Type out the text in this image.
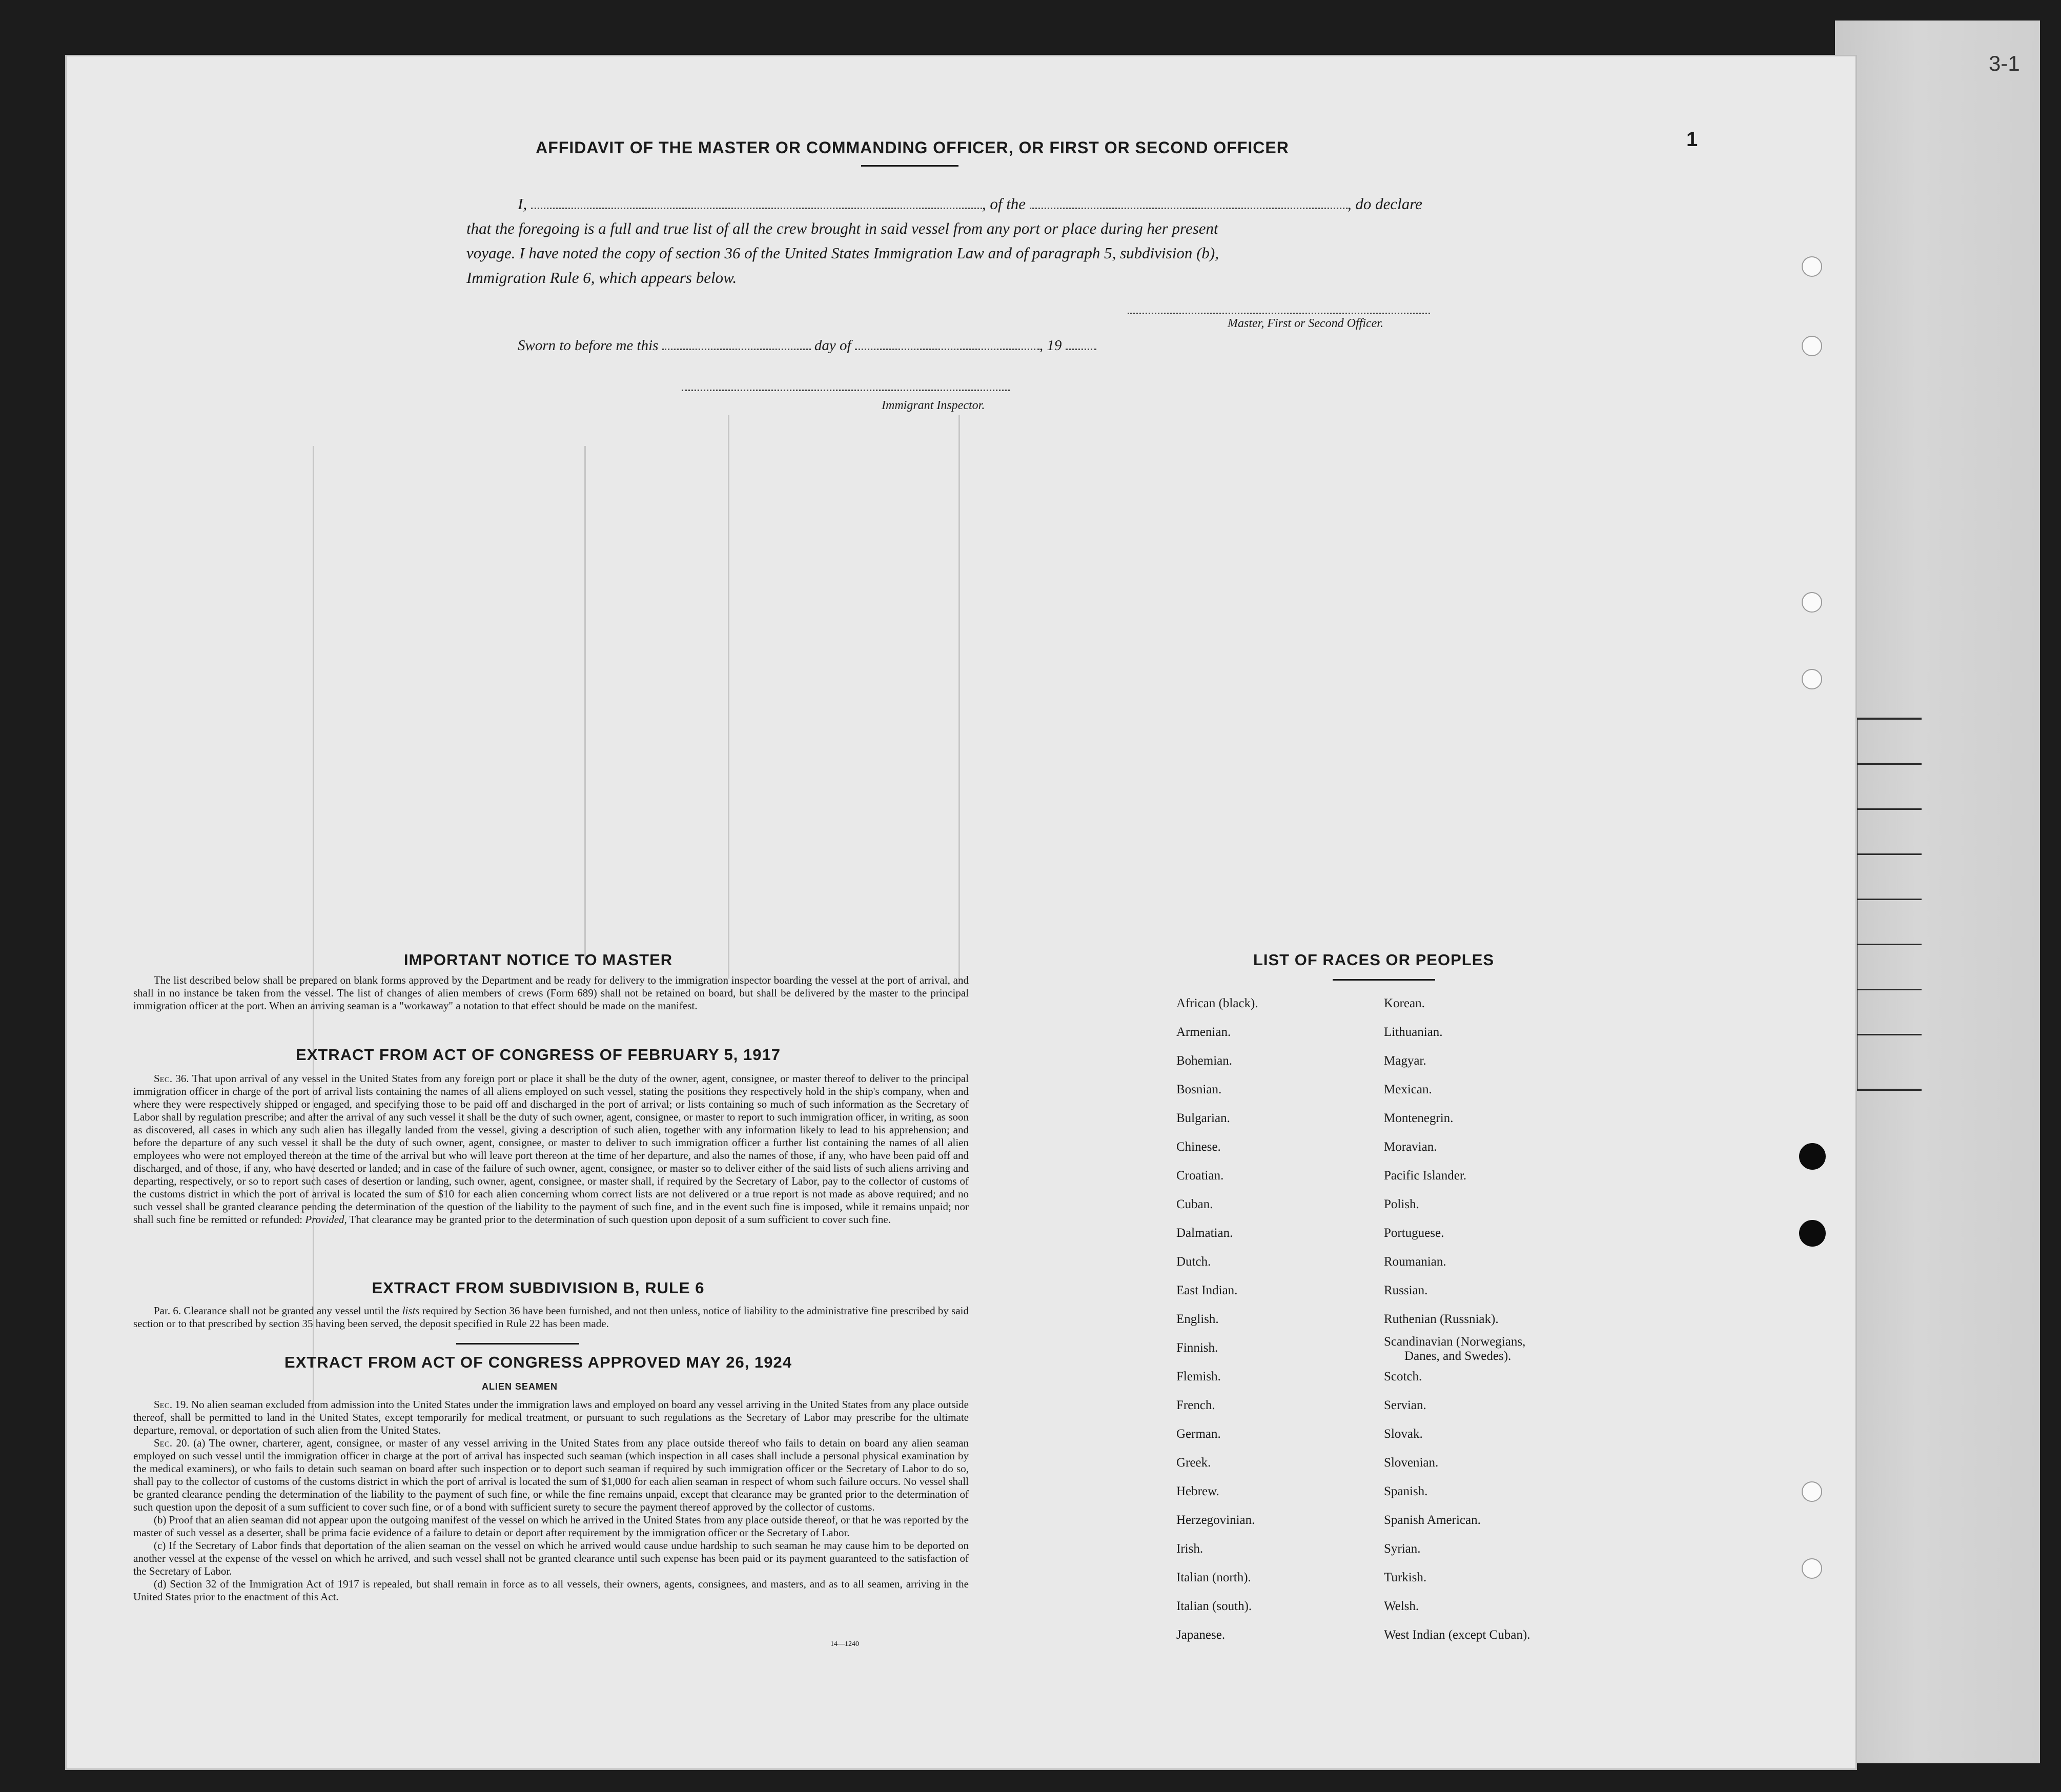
3-1
1
AFFIDAVIT OF THE MASTER OR COMMANDING OFFICER, OR FIRST OR SECOND OFFICER
I,	, of the	, do declare
that the foregoing is a full and true list of all the crew brought in said vessel from any port or place during her present
voyage. I have noted the copy of section 36 of the United States Immigration Law and of paragraph 5, subdivision (b),
Immigration Rule 6, which appears below.
Master, First or Second Officer.
Sworn to before me this	day of	, 19
Immigrant Inspector.
IMPORTANT NOTICE TO MASTER

The list described below shall be prepared on blank forms approved by the Department and be ready for delivery to the immigration inspector boarding the vessel at the port of arrival, and shall in no instance be taken from the vessel. The list of changes of alien members of crews (Form 689) shall not be retained on board, but shall be delivered by the master to the principal immigration officer at the port. When an arriving seaman is a "workaway" a notation to that effect should be made on the manifest.

EXTRACT FROM ACT OF CONGRESS OF FEBRUARY 5, 1917

Sec. 36. That upon arrival of any vessel in the United States from any foreign port or place it shall be the duty of the owner, agent, consignee, or master thereof to deliver to the principal immigration officer in charge of the port of arrival lists containing the names of all aliens employed on such vessel, stating the positions they respectively hold in the ship's company, when and where they were respectively shipped or engaged, and specifying those to be paid off and discharged in the port of arrival; or lists containing so much of such information as the Secretary of Labor shall by regulation prescribe; and after the arrival of any such vessel it shall be the duty of such owner, agent, consignee, or master to report to such immigration officer, in writing, as soon as discovered, all cases in which any such alien has illegally landed from the vessel, giving a description of such alien, together with any information likely to lead to his apprehension; and before the departure of any such vessel it shall be the duty of such owner, agent, consignee, or master to deliver to such immigration officer a further list containing the names of all alien employees who were not employed thereon at the time of the arrival but who will leave port thereon at the time of her departure, and also the names of those, if any, who have been paid off and discharged, and of those, if any, who have deserted or landed; and in case of the failure of such owner, agent, consignee, or master so to deliver either of the said lists of such aliens arriving and departing, respectively, or so to report such cases of desertion or landing, such owner, agent, consignee, or master shall, if required by the Secretary of Labor, pay to the collector of customs of the customs district in which the port of arrival is located the sum of $10 for each alien concerning whom correct lists are not delivered or a true report is not made as above required; and no such vessel shall be granted clearance pending the determination of the question of the liability to the payment of such fine, and in the event such fine is imposed, while it remains unpaid; nor shall such fine be remitted or refunded: Provided, That clearance may be granted prior to the determination of such question upon deposit of a sum sufficient to cover such fine.

EXTRACT FROM SUBDIVISION B, RULE 6

Par. 6. Clearance shall not be granted any vessel until the lists required by Section 36 have been furnished, and not then unless, notice of liability to the administrative fine prescribed by said section or to that prescribed by section 35 having been served, the deposit specified in Rule 22 has been made.

EXTRACT FROM ACT OF CONGRESS APPROVED MAY 26, 1924
ALIEN SEAMEN

Sec. 19. No alien seaman excluded from admission into the United States under the immigration laws and employed on board any vessel arriving in the United States from any place outside thereof, shall be permitted to land in the United States, except temporarily for medical treatment, or pursuant to such regulations as the Secretary of Labor may prescribe for the ultimate departure, removal, or deportation of such alien from the United States.

Sec. 20. (a) The owner, charterer, agent, consignee, or master of any vessel arriving in the United States from any place outside thereof who fails to detain on board any alien seaman employed on such vessel until the immigration officer in charge at the port of arrival has inspected such seaman (which inspection in all cases shall include a personal physical examination by the medical examiners), or who fails to detain such seaman on board after such inspection or to deport such seaman if required by such immigration officer or the Secretary of Labor to do so, shall pay to the collector of customs of the customs district in which the port of arrival is located the sum of $1,000 for each alien seaman in respect of whom such failure occurs. No vessel shall be granted clearance pending the determination of the liability to the payment of such fine, or while the fine remains unpaid, except that clearance may be granted prior to the determination of such question upon the deposit of a sum sufficient to cover such fine, or of a bond with sufficient surety to secure the payment thereof approved by the collector of customs.

(b) Proof that an alien seaman did not appear upon the outgoing manifest of the vessel on which he arrived in the United States from any place outside thereof, or that he was reported by the master of such vessel as a deserter, shall be prima facie evidence of a failure to detain or deport after requirement by the immigration officer or the Secretary of Labor.

(c) If the Secretary of Labor finds that deportation of the alien seaman on the vessel on which he arrived would cause undue hardship to such seaman he may cause him to be deported on another vessel at the expense of the vessel on which he arrived, and such vessel shall not be granted clearance until such expense has been paid or its payment guaranteed to the satisfaction of the Secretary of Labor.

(d) Section 32 of the Immigration Act of 1917 is repealed, but shall remain in force as to all vessels, their owners, agents, consignees, and masters, and as to all seamen, arriving in the United States prior to the enactment of this Act.

14—1240
LIST OF RACES OR PEOPLES
African (black).
Armenian.
Bohemian.
Bosnian.
Bulgarian.
Chinese.
Croatian.
Cuban.
Dalmatian.
Dutch.
East Indian.
English.
Finnish.
Flemish.
French.
German.
Greek.
Hebrew.
Herzegovinian.
Irish.
Italian (north).
Italian (south).
Japanese.
Korean.
Lithuanian.
Magyar.
Mexican.
Montenegrin.
Moravian.
Pacific Islander.
Polish.
Portuguese.
Roumanian.
Russian.
Ruthenian (Russniak).
Scandinavian (Norwegians,
Danes, and Swedes).
Scotch.
Servian.
Slovak.
Slovenian.
Spanish.
Spanish American.
Syrian.
Turkish.
Welsh.
West Indian (except Cuban).
